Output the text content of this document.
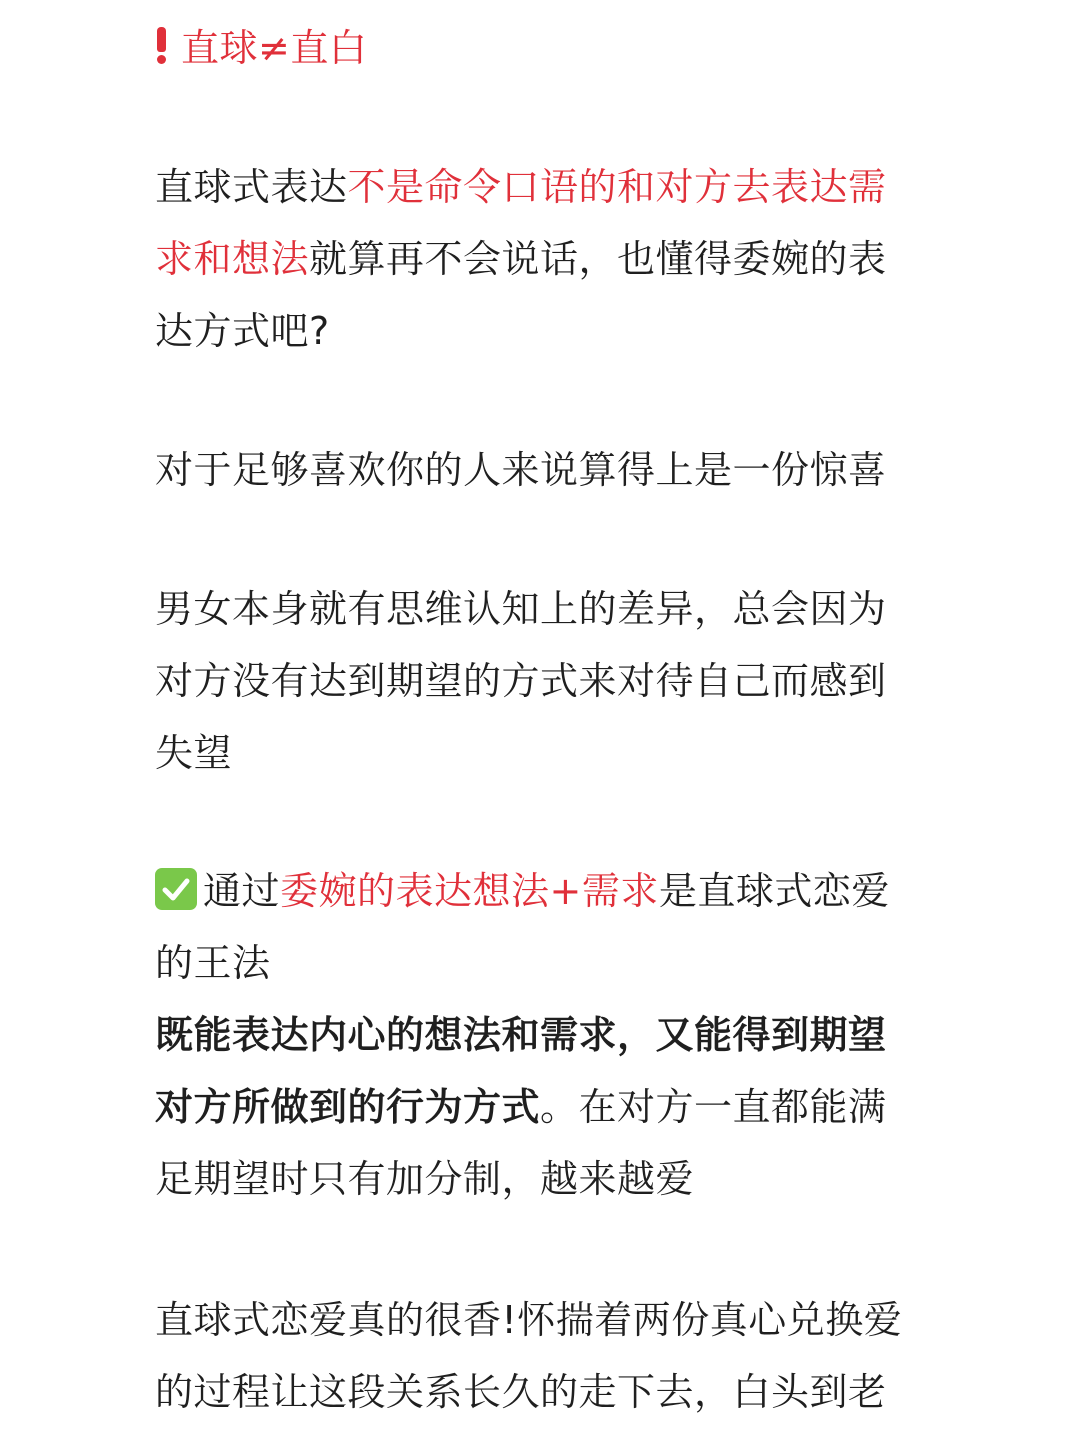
直球≠直白
直球式表达不是命令口语的和对方去表达需
求和想法就算再不会说话，也懂得委婉的表
达方式吧?
对于足够喜欢你的人来说算得上是一份惊喜
男女本身就有思维认知上的差异，总会因为
对方没有达到期望的方式来对待自己而感到
失望
通过委婉的表达想法+需求是直球式恋爱
的王法
既能表达内心的想法和需求，又能得到期望
对方所做到的行为方式。在对方一直都能满
足期望时只有加分制，越来越爱
直球式恋爱真的很香!怀揣着两份真心兑换爱
的过程让这段关系长久的走下去，白头到老
